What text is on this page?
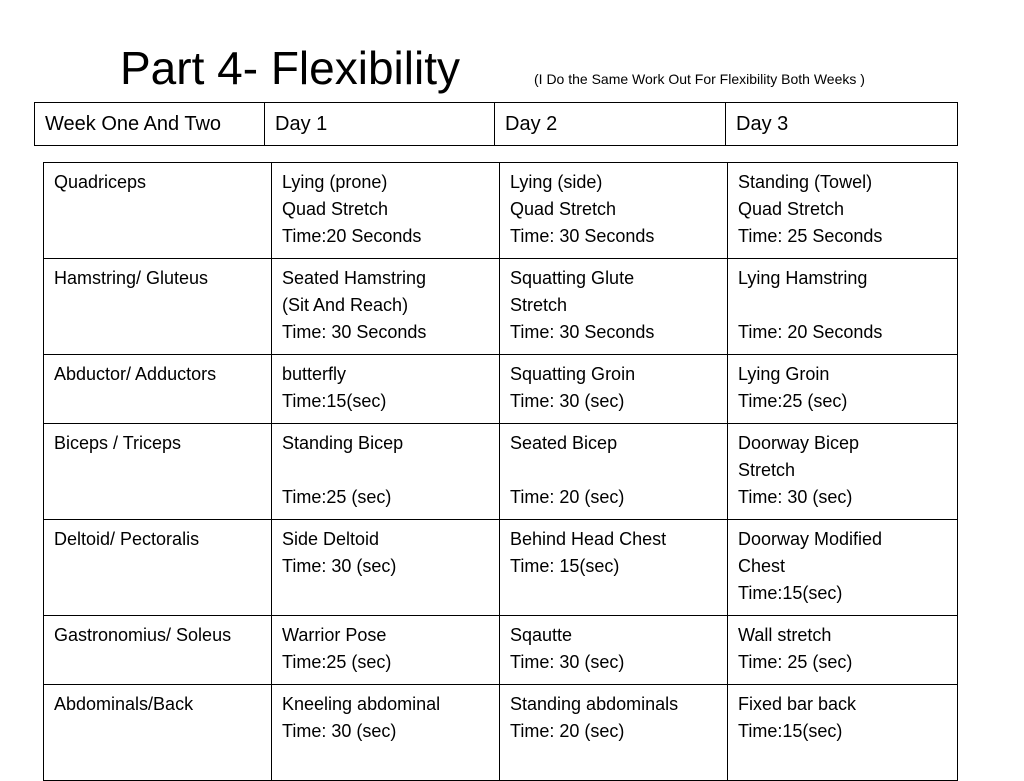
Part 4- Flexibility	(I Do the Same Work Out For Flexibility Both Weeks )
Week One And Two	Day 1	Day 2	Day 3
Quadriceps	Lying (prone)
Quad Stretch
Time:20 Seconds	Lying (side)
Quad Stretch
Time: 30 Seconds	Standing (Towel)
Quad Stretch
Time: 25 Seconds

Hamstring/ Gluteus	Seated Hamstring
(Sit And Reach)
Time: 30 Seconds	Squatting Glute
Stretch
Time: 30 Seconds	Lying Hamstring
Time: 20 Seconds

Abductor/ Adductors	butterfly
Time:15(sec)	Squatting Groin
Time: 30 (sec)	Lying Groin
Time:25 (sec)

Biceps / Triceps	Standing Bicep
Time:25 (sec)	Seated Bicep
Time: 20 (sec)	Doorway Bicep
Stretch
Time: 30 (sec)

Deltoid/ Pectoralis	Side Deltoid
Time: 30 (sec)	Behind Head Chest
Time: 15(sec)	Doorway Modified
Chest
Time:15(sec)

Gastronomius/ Soleus	Warrior Pose
Time:25 (sec)	Sqautte
Time: 30 (sec)	Wall stretch
Time: 25 (sec)

Abdominals/Back	Kneeling abdominal
Time: 30 (sec)	Standing abdominals
Time: 20 (sec)	Fixed bar back
Time:15(sec)
